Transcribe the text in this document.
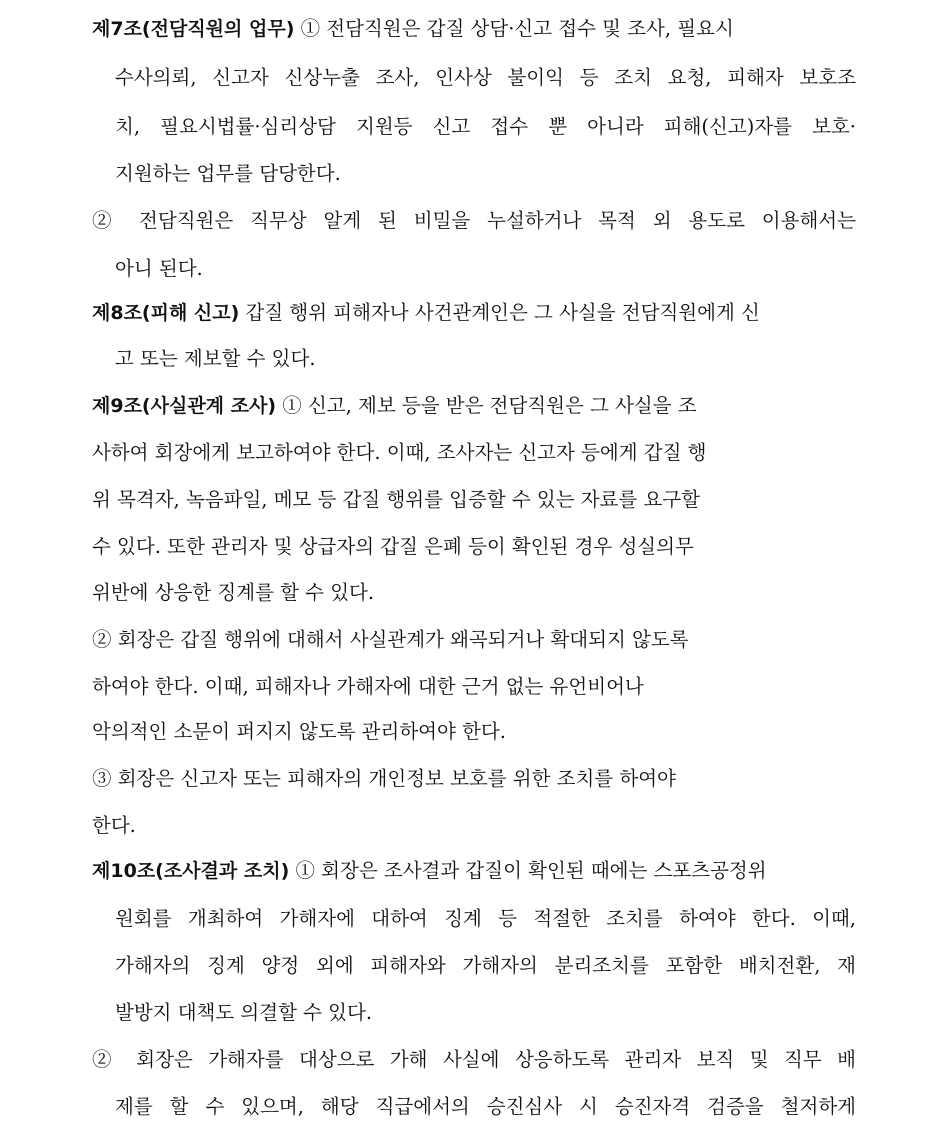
제7조(전담직원의 업무) ① 전담직원은 갑질 상담·신고 접수 및 조사, 필요시
수사의뢰, 신고자 신상누출 조사, 인사상 불이익 등 조치 요청, 피해자 보호조
치, 필요시법률·심리상담 지원등 신고 접수 뿐 아니라 피해(신고)자를 보호·
지원하는 업무를 담당한다.
② 전담직원은 직무상 알게 된 비밀을 누설하거나 목적 외 용도로 이용해서는
아니 된다.
제8조(피해 신고) 갑질 행위 피해자나 사건관계인은 그 사실을 전담직원에게 신
고 또는 제보할 수 있다.
제9조(사실관계 조사) ① 신고, 제보 등을 받은 전담직원은 그 사실을 조
사하여 회장에게 보고하여야 한다. 이때, 조사자는 신고자 등에게 갑질 행
위 목격자, 녹음파일, 메모 등 갑질 행위를 입증할 수 있는 자료를 요구할
수 있다. 또한 관리자 및 상급자의 갑질 은폐 등이 확인된 경우 성실의무
위반에 상응한 징계를 할 수 있다.
② 회장은 갑질 행위에 대해서 사실관계가 왜곡되거나 확대되지 않도록
하여야 한다. 이때, 피해자나 가해자에 대한 근거 없는 유언비어나
악의적인 소문이 퍼지지 않도록 관리하여야 한다.
③ 회장은 신고자 또는 피해자의 개인정보 보호를 위한 조치를 하여야
한다.
제10조(조사결과 조치) ① 회장은 조사결과 갑질이 확인된 때에는 스포츠공정위
원회를 개최하여 가해자에 대하여 징계 등 적절한 조치를 하여야 한다. 이때,
가해자의 징계 양정 외에 피해자와 가해자의 분리조치를 포함한 배치전환, 재
발방지 대책도 의결할 수 있다.
② 회장은 가해자를 대상으로 가해 사실에 상응하도록 관리자 보직 및 직무 배
제를 할 수 있으며, 해당 직급에서의 승진심사 시 승진자격 검증을 철저하게
